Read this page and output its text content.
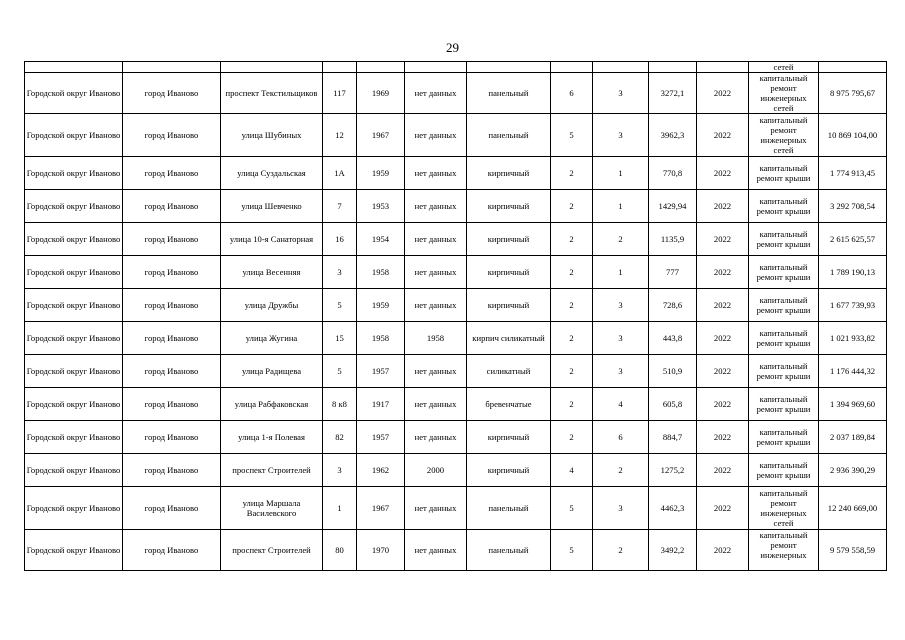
29
											сетей	
Городской округ Иваново	город Иваново	проспект Текстильщиков	117	1969	нет данных	панельный	6	3	3272,1	2022	капитальный ремонт инженерных сетей	8 975 795,67
Городской округ Иваново	город Иваново	улица Шубиных	12	1967	нет данных	панельный	5	3	3962,3	2022	капитальный ремонт инженерных сетей	10 869 104,00
Городской округ Иваново	город Иваново	улица Суздальская	1А	1959	нет данных	кирпичный	2	1	770,8	2022	капитальный ремонт крыши	1 774 913,45
Городской округ Иваново	город Иваново	улица Шевченко	7	1953	нет данных	кирпичный	2	1	1429,94	2022	капитальный ремонт крыши	3 292 708,54
Городской округ Иваново	город Иваново	улица 10-я Санаторная	16	1954	нет данных	кирпичный	2	2	1135,9	2022	капитальный ремонт крыши	2 615 625,57
Городской округ Иваново	город Иваново	улица Весенняя	3	1958	нет данных	кирпичный	2	1	777	2022	капитальный ремонт крыши	1 789 190,13
Городской округ Иваново	город Иваново	улица Дружбы	5	1959	нет данных	кирпичный	2	3	728,6	2022	капитальный ремонт крыши	1 677 739,93
Городской округ Иваново	город Иваново	улица Жугина	15	1958	1958	кирпич силикатный	2	3	443,8	2022	капитальный ремонт крыши	1 021 933,82
Городской округ Иваново	город Иваново	улица Радищева	5	1957	нет данных	силикатный	2	3	510,9	2022	капитальный ремонт крыши	1 176 444,32
Городской округ Иваново	город Иваново	улица Рабфаковская	8 к8	1917	нет данных	бревенчатые	2	4	605,8	2022	капитальный ремонт крыши	1 394 969,60
Городской округ Иваново	город Иваново	улица 1-я Полевая	82	1957	нет данных	кирпичный	2	6	884,7	2022	капитальный ремонт крыши	2 037 189,84
Городской округ Иваново	город Иваново	проспект Строителей	3	1962	2000	кирпичный	4	2	1275,2	2022	капитальный ремонт крыши	2 936 390,29
Городской округ Иваново	город Иваново	улица Маршала Василевского	1	1967	нет данных	панельный	5	3	4462,3	2022	капитальный ремонт инженерных сетей	12 240 669,00
Городской округ Иваново	город Иваново	проспект Строителей	80	1970	нет данных	панельный	5	2	3492,2	2022	капитальный ремонт инженерных	9 579 558,59
